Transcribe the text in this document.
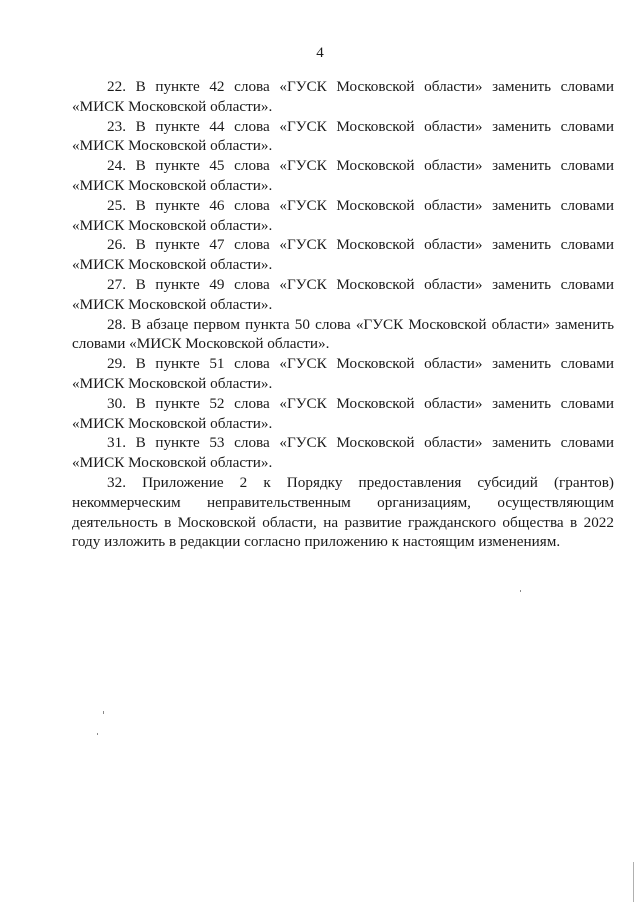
4

22. В пункте 42 слова «ГУСК Московской области» заменить словами
«МИСК Московской области».

23. В пункте 44 слова «ГУСК Московской области» заменить словами
«МИСК Московской области».

24. В пункте 45 слова «ГУСК Московской области» заменить словами
«МИСК Московской области».

25. В пункте 46 слова «ГУСК Московской области» заменить словами
«МИСК Московской области».

26. В пункте 47 слова «ГУСК Московской области» заменить словами
«МИСК Московской области».

27. В пункте 49 слова «ГУСК Московской области» заменить словами
«МИСК Московской области».

28. В абзаце первом пункта 50 слова «ГУСК Московской области» заменить
словами «МИСК Московской области».

29. В пункте 51 слова «ГУСК Московской области» заменить словами
«МИСК Московской области».

30. В пункте 52 слова «ГУСК Московской области» заменить словами
«МИСК Московской области».

31. В пункте 53 слова «ГУСК Московской области» заменить словами
«МИСК Московской области».

32. Приложение 2 к Порядку предоставления субсидий (грантов)
некоммерческим неправительственным организациям, осуществляющим
деятельность в Московской области, на развитие гражданского общества в 2022
году изложить в редакции согласно приложению к настоящим изменениям.
